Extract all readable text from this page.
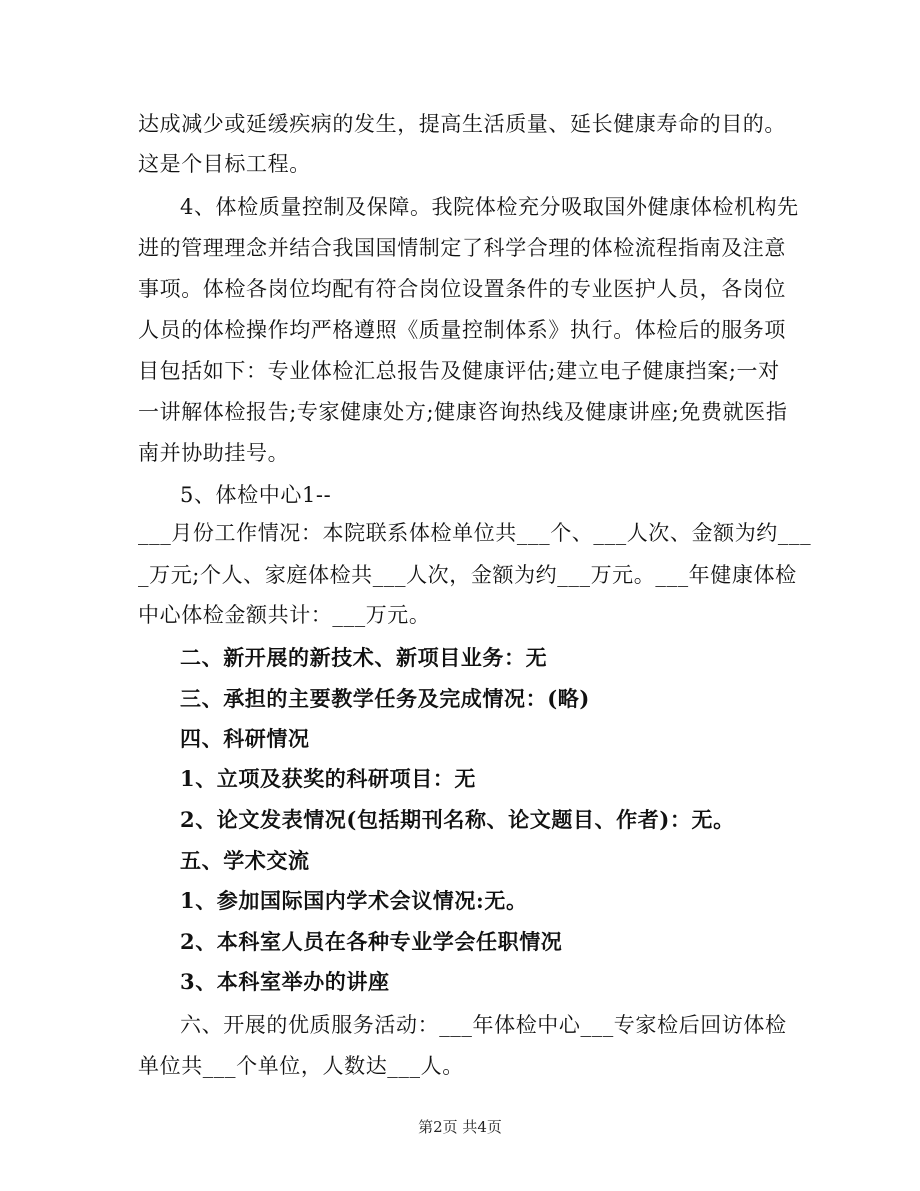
达成减少或延缓疾病的发生，提高生活质量、延长健康寿命的目的。
这是个目标工程。
4、体检质量控制及保障。我院体检充分吸取国外健康体检机构先
进的管理理念并结合我国国情制定了科学合理的体检流程指南及注意
事项。体检各岗位均配有符合岗位设置条件的专业医护人员，各岗位
人员的体检操作均严格遵照《质量控制体系》执行。体检后的服务项
目包括如下：专业体检汇总报告及健康评估;建立电子健康挡案;一对
一讲解体检报告;专家健康处方;健康咨询热线及健康讲座;免费就医指
南并协助挂号。
5、体检中心1--
___月份工作情况：本院联系体检单位共___个、___人次、金额为约___
_万元;个人、家庭体检共___人次，金额为约___万元。___年健康体检
中心体检金额共计：___万元。
二、新开展的新技术、新项目业务：无
三、承担的主要教学任务及完成情况：(略)
四、科研情况
1、立项及获奖的科研项目：无
2、论文发表情况(包括期刊名称、论文题目、作者)：无。
五、学术交流
1、参加国际国内学术会议情况:无。
2、本科室人员在各种专业学会任职情况
3、本科室举办的讲座
六、开展的优质服务活动：___年体检中心___专家检后回访体检
单位共___个单位，人数达___人。
第2页 共4页
